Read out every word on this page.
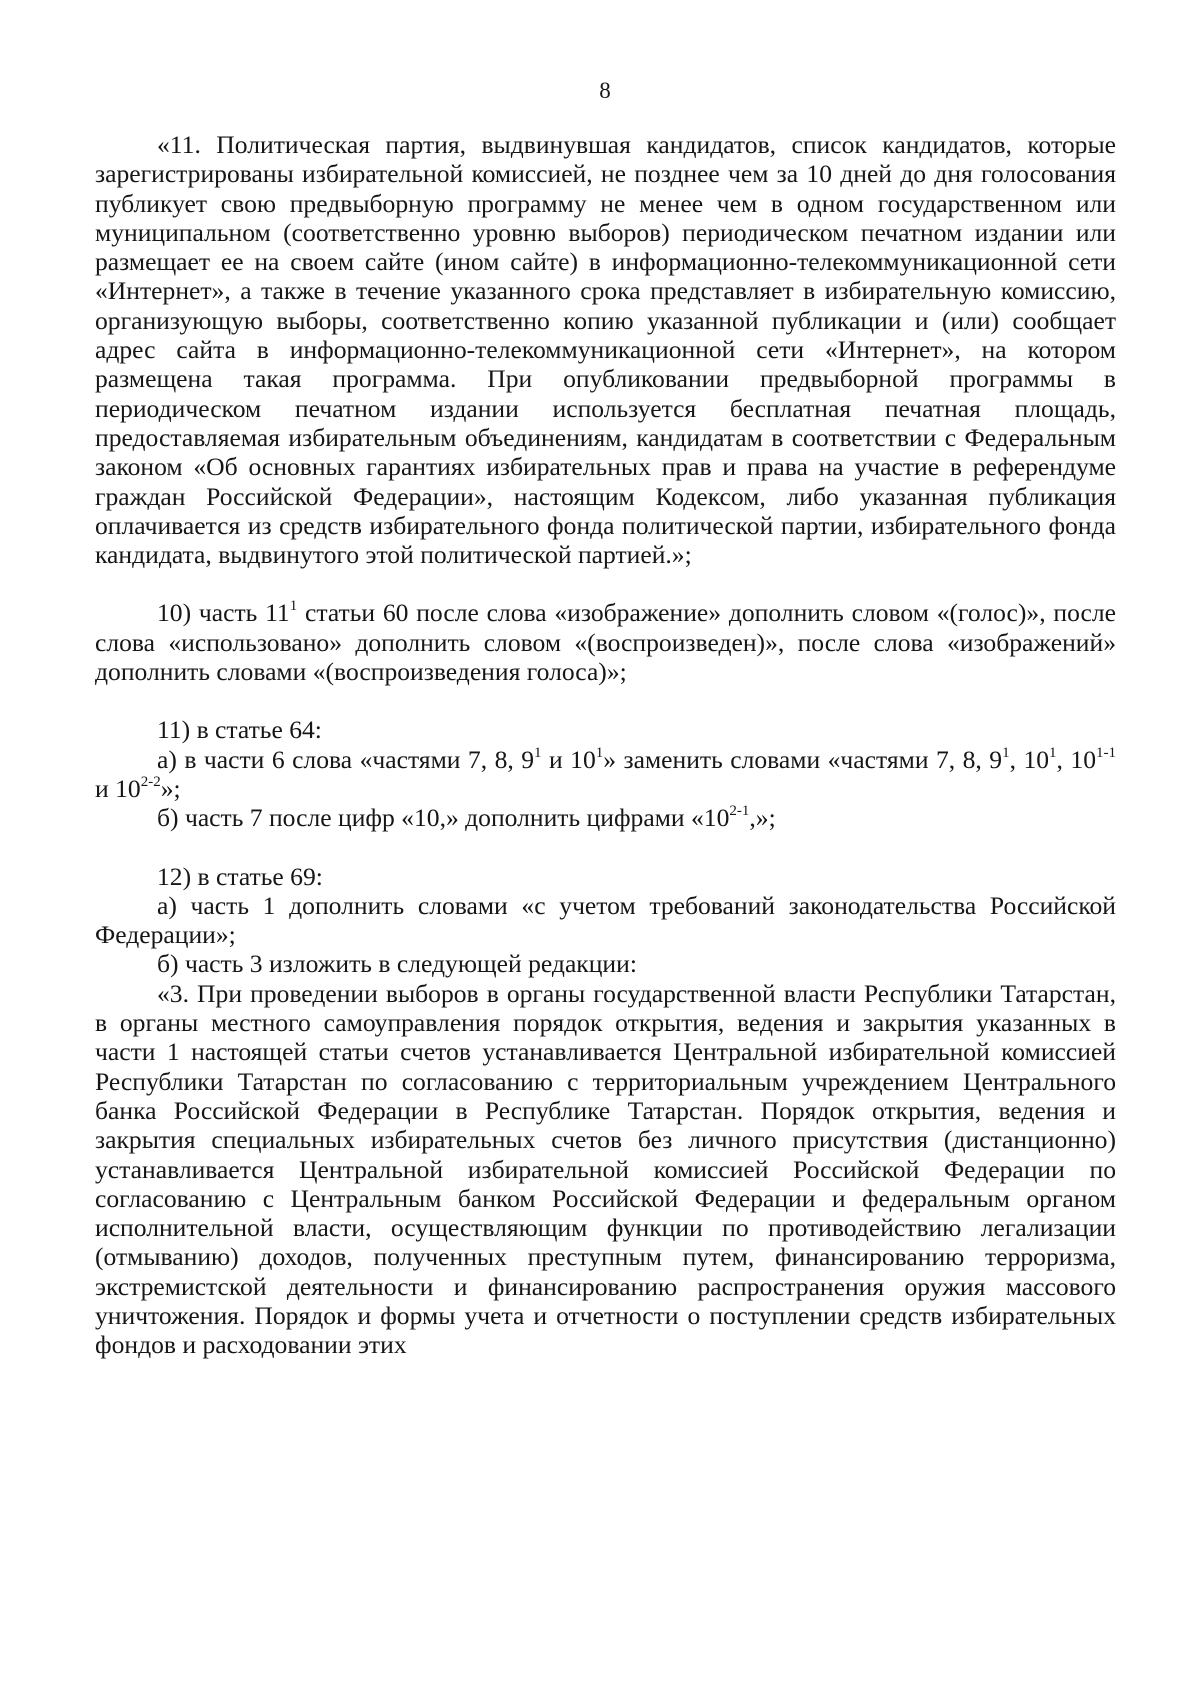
8

«11. Политическая партия, выдвинувшая кандидатов, список кандидатов, которые зарегистрированы избирательной комиссией, не позднее чем за 10 дней до дня голосования публикует свою предвыборную программу не менее чем в одном государственном или муниципальном (соответственно уровню выборов) периодическом печатном издании или размещает ее на своем сайте (ином сайте) в информационно-телекоммуникационной сети «Интернет», а также в течение указанного срока представляет в избирательную комиссию, организующую выборы, соответственно копию указанной публикации и (или) сообщает адрес сайта в информационно-телекоммуникационной сети «Интернет», на котором размещена такая программа. При опубликовании предвыборной программы в периодическом печатном издании используется бесплатная печатная площадь, предоставляемая избирательным объединениям, кандидатам в соответствии с Федеральным законом «Об основных гарантиях избирательных прав и права на участие в референдуме граждан Российской Федерации», настоящим Кодексом, либо указанная публикация оплачивается из средств избирательного фонда политической партии, избирательного фонда кандидата, выдвинутого этой политической партией.»;

10) часть $11^1$ статьи 60 после слова «изображение» дополнить словом «(голос)», после слова «использовано» дополнить словом «(воспроизведен)», после слова «изображений» дополнить словами «(воспроизведения голоса)»;

11) в статье 64:

а) в части 6 слова «частями 7, 8, $9^1$ и $10^1$» заменить словами «частями 7, 8, $9^1$, $10^1$, 10$^{1-1}$ и 10$^{2-2}$»;

б) часть 7 после цифр «10,» дополнить цифрами «10$^{2-1}$,»;

12) в статье 69:

а) часть 1 дополнить словами «с учетом требований законодательства Российской Федерации»;

б) часть 3 изложить в следующей редакции:

«3. При проведении выборов в органы государственной власти Республики Татарстан, в органы местного самоуправления порядок открытия, ведения и закрытия указанных в части 1 настоящей статьи счетов устанавливается Центральной избирательной комиссией Республики Татарстан по согласованию с территориальным учреждением Центрального банка Российской Федерации в Республике Татарстан. Порядок открытия, ведения и закрытия специальных избирательных счетов без личного присутствия (дистанционно) устанавливается Центральной избирательной комиссией Российской Федерации по согласованию с Центральным банком Российской Федерации и федеральным органом исполнительной власти, осуществляющим функции по противодействию легализации (отмыванию) доходов, полученных преступным путем, финансированию терроризма, экстремистской деятельности и финансированию распространения оружия массового уничтожения. Порядок и формы учета и отчетности о поступлении средств избирательных фондов и расходовании этих
